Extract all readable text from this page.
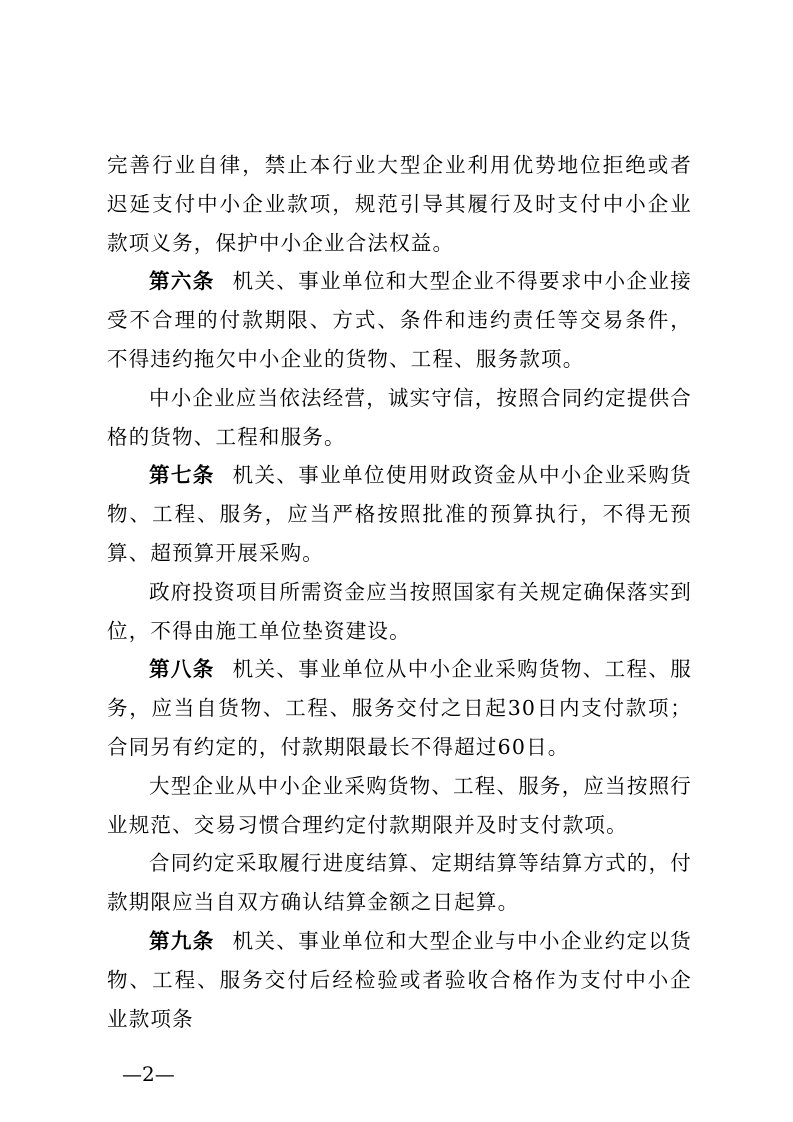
完善行业自律，禁止本行业大型企业利用优势地位拒绝或者迟延支付中小企业款项，规范引导其履行及时支付中小企业款项义务，保护中小企业合法权益。

第六条 机关、事业单位和大型企业不得要求中小企业接受不合理的付款期限、方式、条件和违约责任等交易条件，不得违约拖欠中小企业的货物、工程、服务款项。

中小企业应当依法经营，诚实守信，按照合同约定提供合格的货物、工程和服务。

第七条 机关、事业单位使用财政资金从中小企业采购货物、工程、服务，应当严格按照批准的预算执行，不得无预算、超预算开展采购。

政府投资项目所需资金应当按照国家有关规定确保落实到位，不得由施工单位垫资建设。

第八条 机关、事业单位从中小企业采购货物、工程、服务，应当自货物、工程、服务交付之日起30日内支付款项；合同另有约定的，付款期限最长不得超过60日。

大型企业从中小企业采购货物、工程、服务，应当按照行业规范、交易习惯合理约定付款期限并及时支付款项。

合同约定采取履行进度结算、定期结算等结算方式的，付款期限应当自双方确认结算金额之日起算。

第九条 机关、事业单位和大型企业与中小企业约定以货物、工程、服务交付后经检验或者验收合格作为支付中小企业款项条

—2—
